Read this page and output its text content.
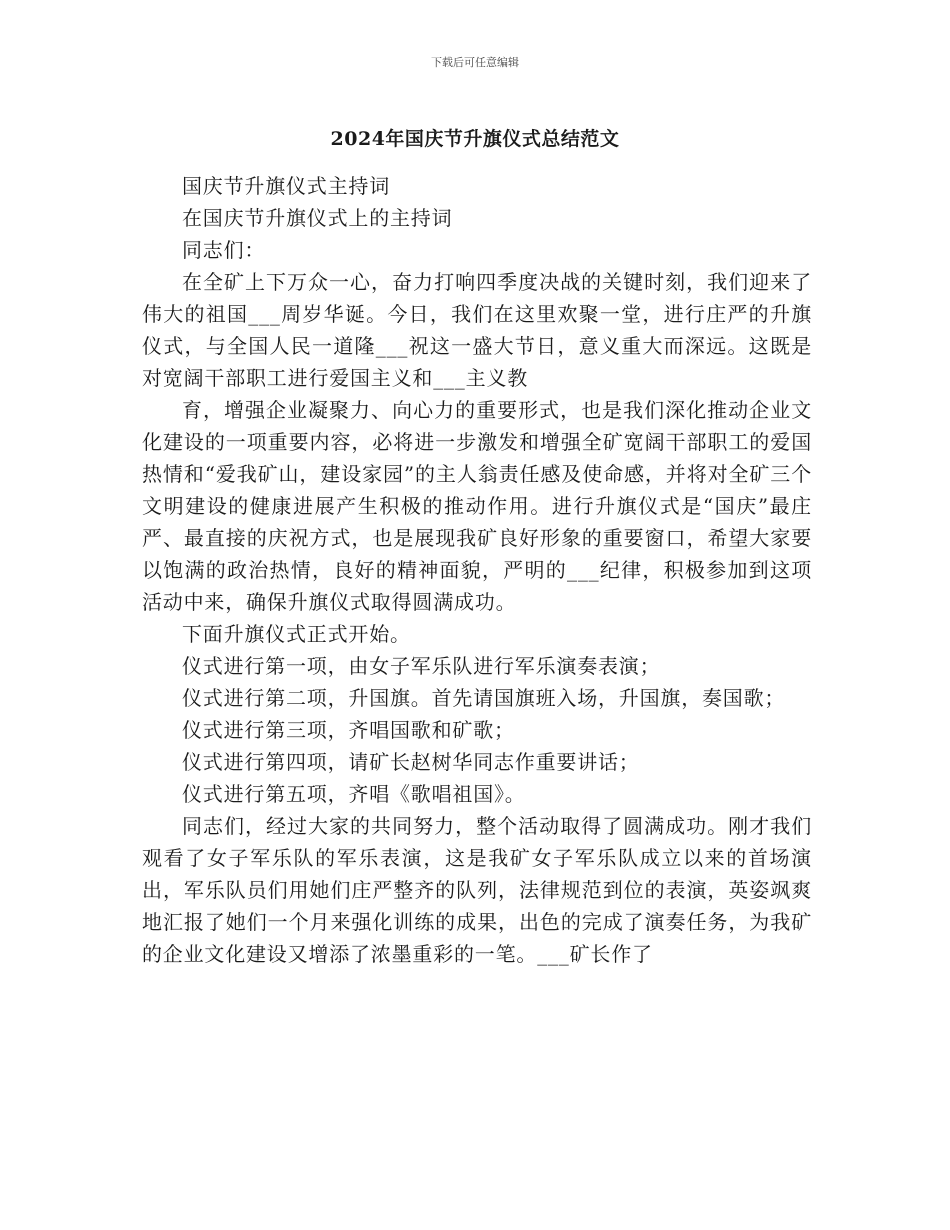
下载后可任意编辑
2024年国庆节升旗仪式总结范文

国庆节升旗仪式主持词

在国庆节升旗仪式上的主持词

同志们：

在全矿上下万众一心，奋力打响四季度决战的关键时刻，我们迎来了伟大的祖国___周岁华诞。今日，我们在这里欢聚一堂，进行庄严的升旗仪式，与全国人民一道隆___祝这一盛大节日，意义重大而深远。这既是对宽阔干部职工进行爱国主义和___主义教

育，增强企业凝聚力、向心力的重要形式，也是我们深化推动企业文化建设的一项重要内容，必将进一步激发和增强全矿宽阔干部职工的爱国热情和“爱我矿山，建设家园”的主人翁责任感及使命感，并将对全矿三个文明建设的健康进展产生积极的推动作用。进行升旗仪式是“国庆”最庄严、最直接的庆祝方式，也是展现我矿良好形象的重要窗口，希望大家要以饱满的政治热情，良好的精神面貌，严明的___纪律，积极参加到这项活动中来，确保升旗仪式取得圆满成功。

下面升旗仪式正式开始。

仪式进行第一项，由女子军乐队进行军乐演奏表演；

仪式进行第二项，升国旗。首先请国旗班入场，升国旗，奏国歌；

仪式进行第三项，齐唱国歌和矿歌；

仪式进行第四项，请矿长赵树华同志作重要讲话；

仪式进行第五项，齐唱《歌唱祖国》。

同志们，经过大家的共同努力，整个活动取得了圆满成功。刚才我们观看了女子军乐队的军乐表演，这是我矿女子军乐队成立以来的首场演出，军乐队员们用她们庄严整齐的队列，法律规范到位的表演，英姿飒爽地汇报了她们一个月来强化训练的成果，出色的完成了演奏任务，为我矿的企业文化建设又增添了浓墨重彩的一笔。___矿长作了
